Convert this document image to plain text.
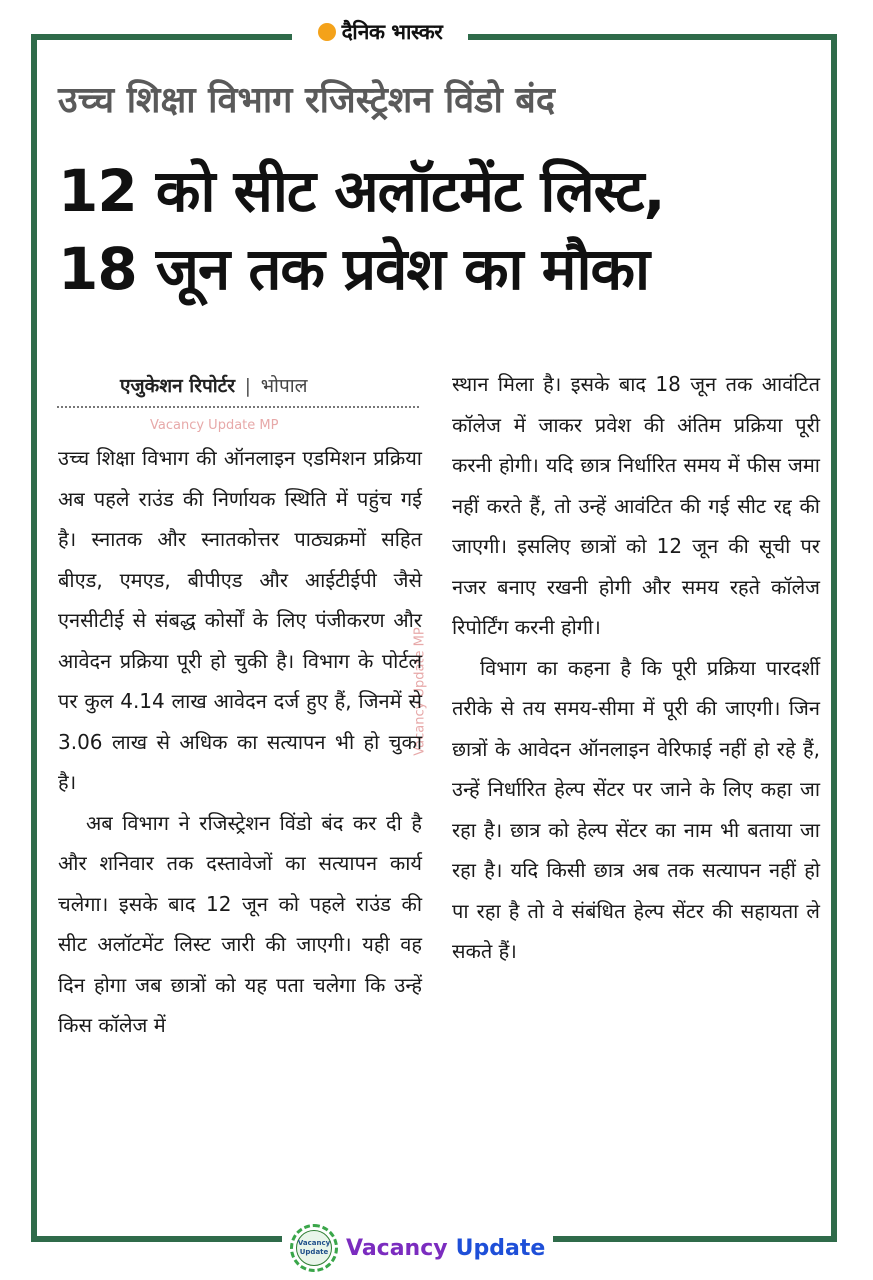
दैनिक भास्कर
उच्च शिक्षा विभाग रजिस्ट्रेशन विंडो बंद
12 को सीट अलॉटमेंट लिस्ट,
18 जून तक प्रवेश का मौका
एजुकेशन रिपोर्टर | भोपाल
Vacancy Update MP
Vacancy Update MP

उच्च शिक्षा विभाग की ऑनलाइन एडमिशन प्रक्रिया अब पहले राउंड की निर्णायक स्थिति में पहुंच गई है। स्नातक और स्नातकोत्तर पाठ्यक्रमों सहित बीएड, एमएड, बीपीएड और आईटीईपी जैसे एनसीटीई से संबद्ध कोर्सों के लिए पंजीकरण और आवेदन प्रक्रिया पूरी हो चुकी है। विभाग के पोर्टल पर कुल 4.14 लाख आवेदन दर्ज हुए हैं, जिनमें से 3.06 लाख से अधिक का सत्यापन भी हो चुका है।

अब विभाग ने रजिस्ट्रेशन विंडो बंद कर दी है और शनिवार तक दस्तावेजों का सत्यापन कार्य चलेगा। इसके बाद 12 जून को पहले राउंड की सीट अलॉटमेंट लिस्ट जारी की जाएगी। यही वह दिन होगा जब छात्रों को यह पता चलेगा कि उन्हें किस कॉलेज में

स्थान मिला है। इसके बाद 18 जून तक आवंटित कॉलेज में जाकर प्रवेश की अंतिम प्रक्रिया पूरी करनी होगी। यदि छात्र निर्धारित समय में फीस जमा नहीं करते हैं, तो उन्हें आवंटित की गई सीट रद्द की जाएगी। इसलिए छात्रों को 12 जून की सूची पर नजर बनाए रखनी होगी और समय रहते कॉलेज रिपोर्टिंग करनी होगी।

विभाग का कहना है कि पूरी प्रक्रिया पारदर्शी तरीके से तय समय-सीमा में पूरी की जाएगी। जिन छात्रों के आवेदन ऑनलाइन वेरिफाई नहीं हो रहे हैं, उन्हें निर्धारित हेल्प सेंटर पर जाने के लिए कहा जा रहा है। छात्र को हेल्प सेंटर का नाम भी बताया जा रहा है। यदि किसी छात्र अब तक सत्यापन नहीं हो पा रहा है तो वे संबंधित हेल्प सेंटर की सहायता ले सकते हैं।

Vacancy Update Vacancy Update
